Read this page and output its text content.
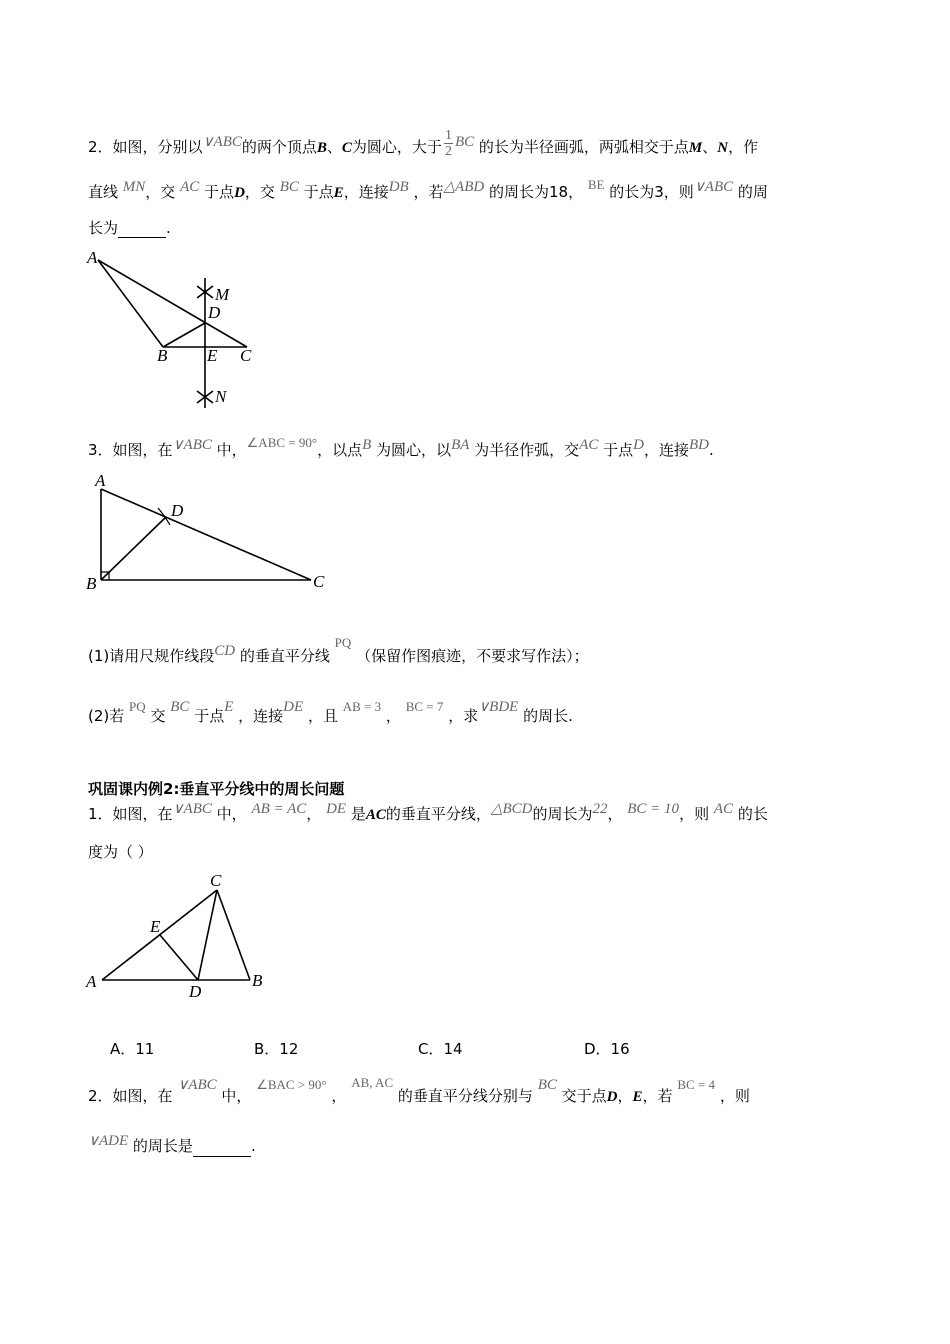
2．如图，分别以∨ABC的两个顶点B、C为圆心，大于 $\frac{1}{2}$ BC 的长为半径画弧，两弧相交于点M、N，作
直线 MN，交 AC 于点D，交 BC 于点E，连接DB ，若△ABD 的周长为18， BE 的长为3，则∨ABC 的周
长为	.
A
B	C
D
E
M
N
3．如图，在∨ABC 中，∠ABC = 90°，以点B 为圆心，以BA 为半径作弧，交AC 于点D，连接BD.
A
B	C
D
(1)请用尺规作线段CD 的垂直平分线 PQ （保留作图痕迹，不要求写作法）；
(2)若 PQ 交 BC 于点E ，连接DE ，且 AB = 3 ， BC = 7 ，求∨BDE 的周长.
巩固课内例2:垂直平分线中的周长问题
1．如图，在∨ABC 中， AB = AC， DE 是AC的垂直平分线，△BCD的周长为22， BC = 10，则 AC 的长
度为（ ）
A	B
C
D
E
A．11	B．12	C．14	D．16
2．如图，在 ∨ABC 中， ∠BAC > 90° ， AB, AC 的垂直平分线分别与 BC 交于点D，E，若 BC = 4 ，则
∨ADE 的周长是	.
